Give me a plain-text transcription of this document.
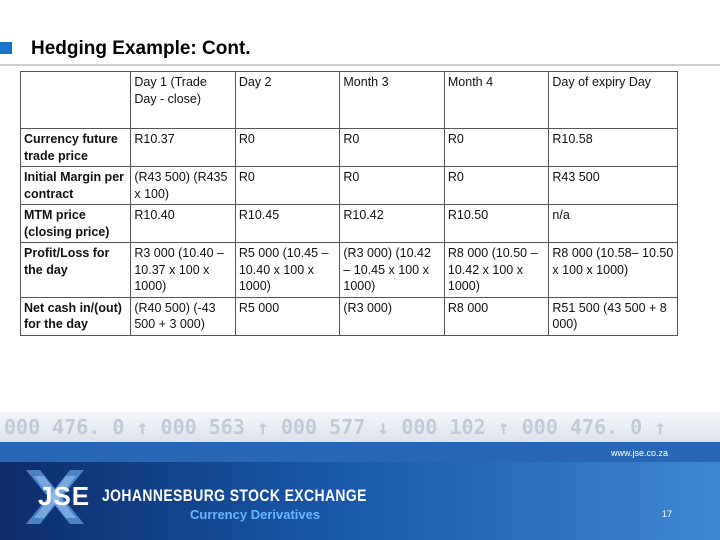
Hedging Example: Cont.
	Day 1 (Trade Day - close)	Day 2	Month 3	Month 4	Day of expiry Day
Currency future trade price	R10.37	R0	R0	R0	R10.58
Initial Margin per contract	(R43 500) (R435 x 100)	R0	R0	R0	R43 500
MTM price (closing price)	R10.40	R10.45	R10.42	R10.50	n/a
Profit/Loss for the day	R3 000 (10.40 – 10.37 x 100 x 1000)	R5 000 (10.45 – 10.40 x 100 x 1000)	(R3 000) (10.42 – 10.45 x 100 x 1000)	R8 000 (10.50 – 10.42 x 100 x 1000)	R8 000 (10.58– 10.50 x 100 x 1000)
Net cash in/(out) for the day	(R40 500) (-43 500 + 3 000)	R5 000	(R3 000)	R8 000	R51 500 (43 500 + 8 000)
000 476. 0 ↑ 000 563 ↑ 000 577 ↓ 000 102 ↑ 000 476. 0 ↑
www.jse.co.za
JSE JOHANNESBURG STOCK EXCHANGE
Currency Derivatives	17
